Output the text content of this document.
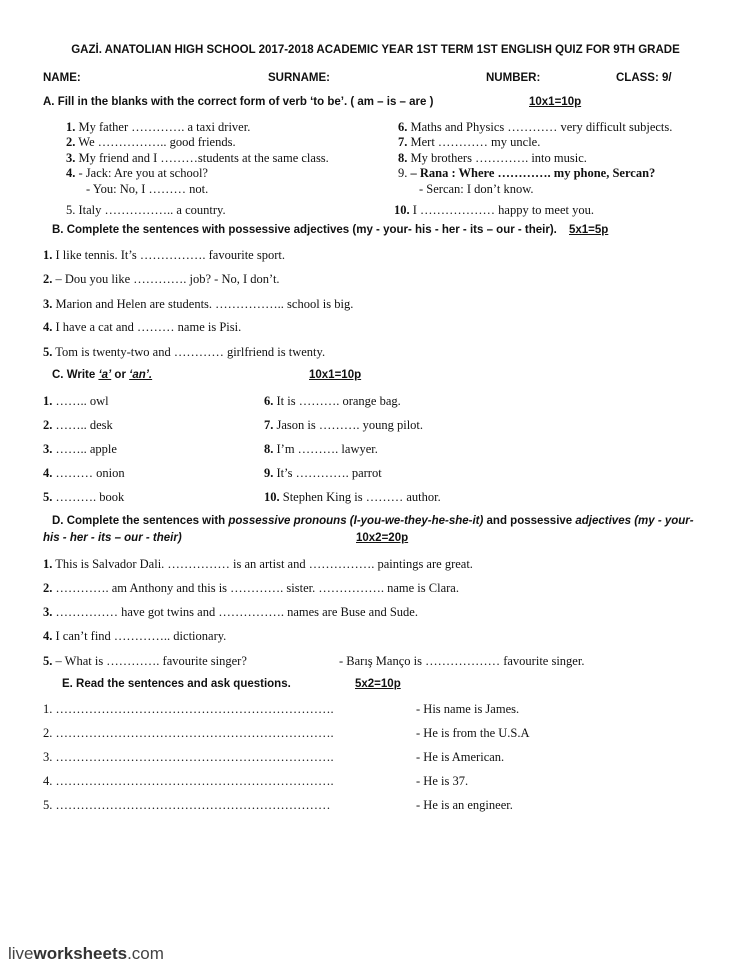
GAZİ. ANATOLIAN HIGH SCHOOL 2017-2018 ACADEMIC YEAR 1ST TERM 1ST ENGLISH QUIZ FOR 9TH GRADE
NAME:	SURNAME:	NUMBER:	CLASS: 9/
A. Fill in the blanks with the correct form of verb ‘to be’. ( am – is – are )	10x1=10p
1. My father …………. a taxi driver.
2. We …………….. good friends.
3. My friend and I ………students at the same class.
4. - Jack: Are you at school?
- You: No, I ……… not.
5. Italy …………….. a country.
6. Maths and Physics ………… very difficult subjects.
7. Mert ………… my uncle.
8. My brothers …………. into music.
9. – Rana : Where …………. my phone, Sercan?
- Sercan: I don’t know.
10. I ……………… happy to meet you.
B. Complete the sentences with possessive adjectives (my - your- his - her - its – our - their). 5x1=5p
1. I like tennis. It’s ……………. favourite sport.
2. – Dou you like …………. job? - No, I don’t.
3. Marion and Helen are students. …………….. school is big.
4. I have a cat and ……… name is Pisi.
5. Tom is twenty-two and ………… girlfriend is twenty.
C. Write ‘a’ or ‘an’.	10x1=10p
1. …….. owl
2. …….. desk
3. …….. apple
4. ……… onion
5. ………. book
6. It is ………. orange bag.
7. Jason is ………. young pilot.
8. I’m ………. lawyer.
9. It’s …………. parrot
10. Stephen King is ……… author.
D. Complete the sentences with possessive pronouns (I-you-we-they-he-she-it) and possessive adjectives (my - your-
his - her - its – our - their)	10x2=20p
1. This is Salvador Dali. …………… is an artist and ……………. paintings are great.
2. …………. am Anthony and this is …………. sister. ……………. name is Clara.
3. …………… have got twins and ……………. names are Buse and Sude.
4. I can’t find ………….. dictionary.
5. – What is …………. favourite singer?	- Barış Manço is ……………… favourite singer.
E. Read the sentences and ask questions.	5x2=10p
1. ………………………………………………………….	- His name is James.
2. ………………………………………………………….	- He is from the U.S.A
3. ………………………………………………………….	- He is American.
4. ………………………………………………………….	- He is 37.
5. …………………………………………………………	- He is an engineer.
liveworksheets.com
